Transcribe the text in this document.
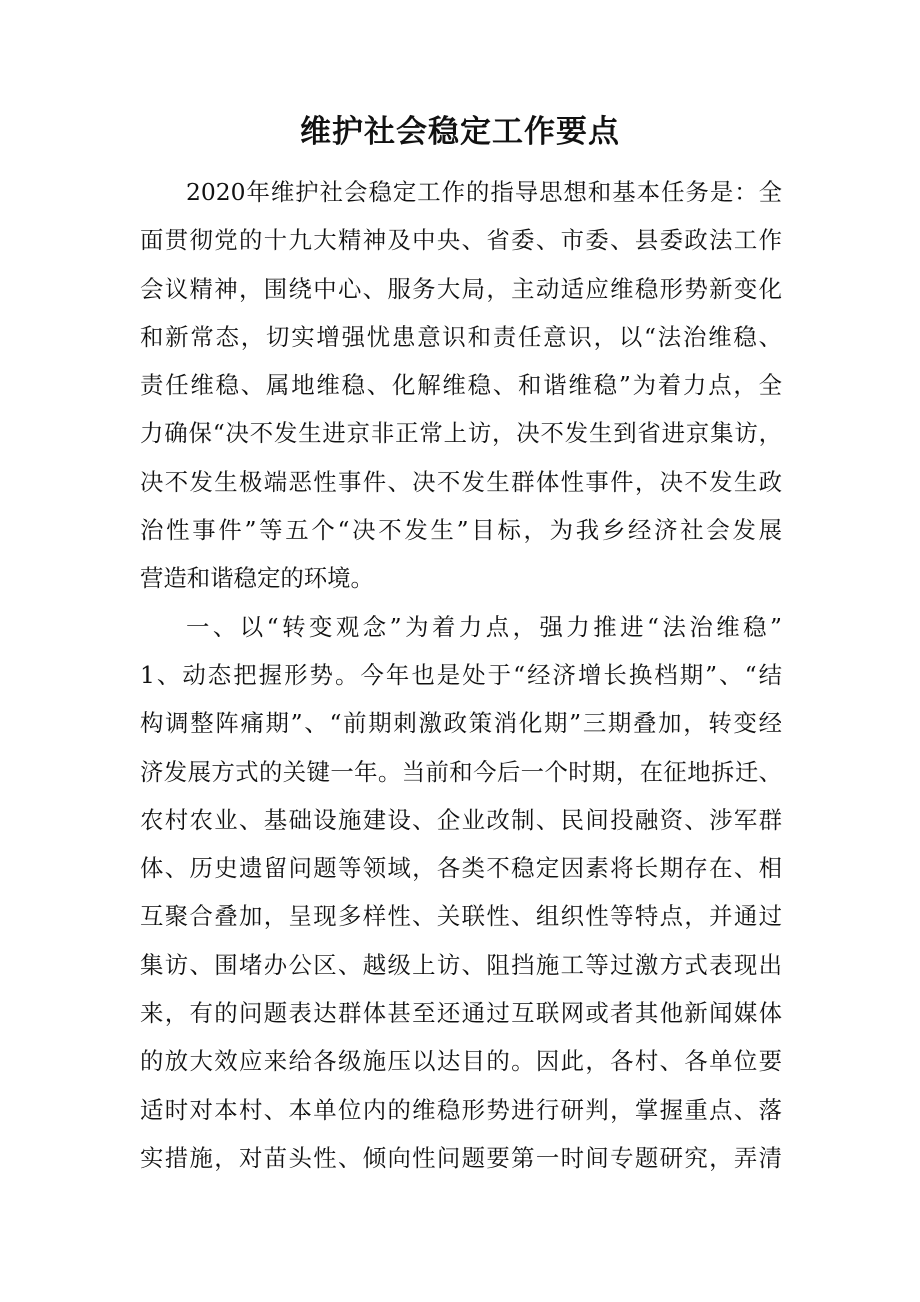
维护社会稳定工作要点
2020年维护社会稳定工作的指导思想和基本任务是：全
面贯彻党的十九大精神及中央、省委、市委、县委政法工作
会议精神，围绕中心、服务大局，主动适应维稳形势新变化
和新常态，切实增强忧患意识和责任意识，以“法治维稳、
责任维稳、属地维稳、化解维稳、和谐维稳”为着力点，全
力确保“决不发生进京非正常上访，决不发生到省进京集访，
决不发生极端恶性事件、决不发生群体性事件，决不发生政
治性事件”等五个“决不发生”目标，为我乡经济社会发展
营造和谐稳定的环境。
一、以“转变观念”为着力点，强力推进“法治维稳”
1、动态把握形势。今年也是处于“经济增长换档期”、“结
构调整阵痛期”、“前期刺激政策消化期”三期叠加，转变经
济发展方式的关键一年。当前和今后一个时期，在征地拆迁、
农村农业、基础设施建设、企业改制、民间投融资、涉军群
体、历史遗留问题等领域，各类不稳定因素将长期存在、相
互聚合叠加，呈现多样性、关联性、组织性等特点，并通过
集访、围堵办公区、越级上访、阻挡施工等过激方式表现出
来，有的问题表达群体甚至还通过互联网或者其他新闻媒体
的放大效应来给各级施压以达目的。因此，各村、各单位要
适时对本村、本单位内的维稳形势进行研判，掌握重点、落
实措施，对苗头性、倾向性问题要第一时间专题研究，弄清
